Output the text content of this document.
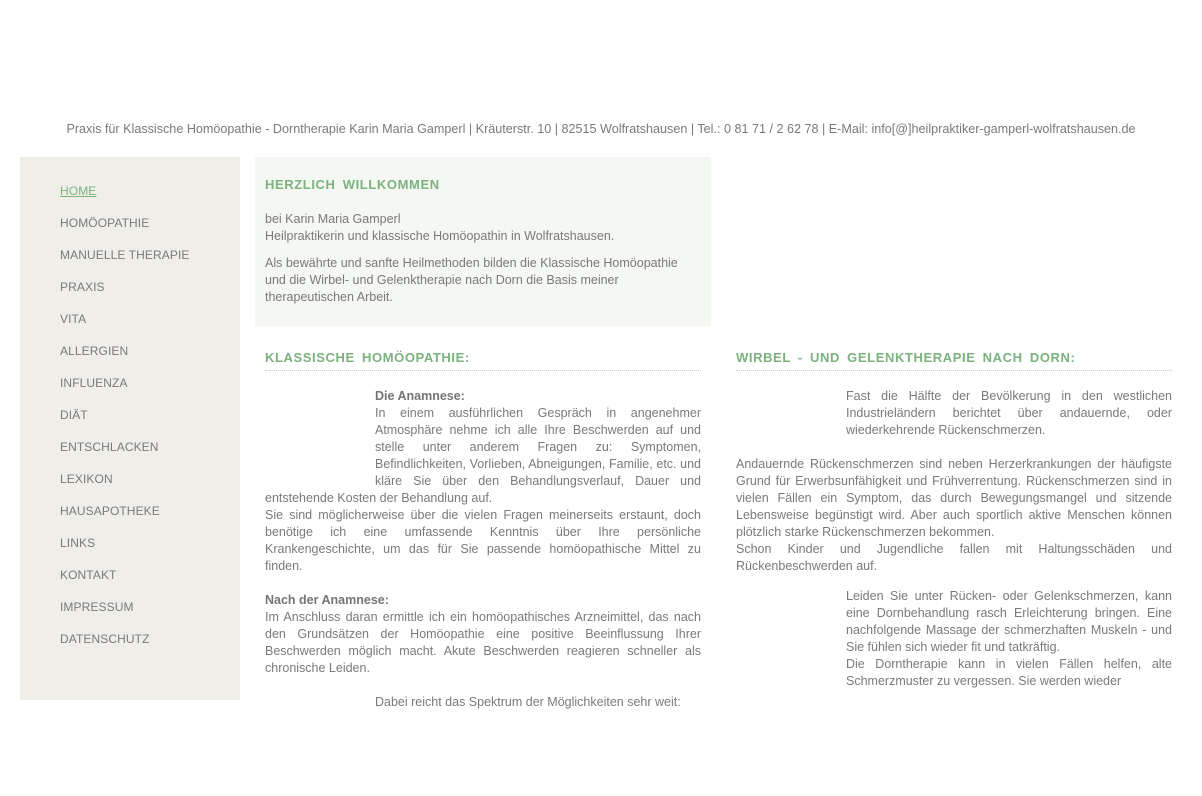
Praxis für Klassische Homöopathie - Dorntherapie Karin Maria Gamperl | Kräuterstr. 10 | 82515 Wolfratshausen | Tel.: 0 81 71 / 2 62 78 | E-Mail: info[@]heilpraktiker-gamperl-wolfratshausen.de
HOME
HOMÖOPATHIE
MANUELLE THERAPIE
PRAXIS
VITA
ALLERGIEN
INFLUENZA
DIÄT
ENTSCHLACKEN
LEXIKON
HAUSAPOTHEKE
LINKS
KONTAKT
IMPRESSUM
DATENSCHUTZ
HERZLICH WILLKOMMEN

bei Karin Maria Gamperl

Heilpraktikerin und klassische Homöopathin in Wolfratshausen.

Als bewährte und sanfte Heilmethoden bilden die Klassische Homöopathie und die Wirbel- und Gelenktherapie nach Dorn die Basis meiner therapeutischen Arbeit.

KLASSISCHE HOMÖOPATHIE:

Die Anamnese:

In einem ausführlichen Gespräch in angenehmer Atmosphäre nehme ich alle Ihre Beschwerden auf und stelle unter anderem Fragen zu: Symptomen, Befindlichkeiten, Vorlieben, Abneigungen, Familie, etc. und kläre Sie über den Behandlungsverlauf, Dauer und entstehende Kosten der Behandlung auf.

Sie sind möglicherweise über die vielen Fragen meinerseits erstaunt, doch benötige ich eine umfassende Kenntnis über Ihre persönliche Krankengeschichte, um das für Sie passende homöopathische Mittel zu finden.

Nach der Anamnese:

Im Anschluss daran ermittle ich ein homöopathisches Arzneimittel, das nach den Grundsätzen der Homöopathie eine positive Beeinflussung Ihrer Beschwerden möglich macht. Akute Beschwerden reagieren schneller als chronische Leiden.

Dabei reicht das Spektrum der Möglichkeiten sehr weit:

WIRBEL - UND GELENKTHERAPIE NACH DORN:

Fast die Hälfte der Bevölkerung in den westlichen Industrieländern berichtet über andauernde, oder wiederkehrende Rückenschmerzen.

Andauernde Rückenschmerzen sind neben Herzerkrankungen der häufigste Grund für Erwerbsunfähigkeit und Frühverrentung. Rückenschmerzen sind in vielen Fällen ein Symptom, das durch Bewegungsmangel und sitzende Lebensweise begünstigt wird. Aber auch sportlich aktive Menschen können plötzlich starke Rückenschmerzen bekommen.

Schon Kinder und Jugendliche fallen mit Haltungsschäden und Rückenbeschwerden auf.

Leiden Sie unter Rücken- oder Gelenkschmerzen, kann eine Dornbehandlung rasch Erleichterung bringen. Eine nachfolgende Massage der schmerzhaften Muskeln - und Sie fühlen sich wieder fit und tatkräftig.

Die Dorntherapie kann in vielen Fällen helfen, alte Schmerzmuster zu vergessen. Sie werden wieder
